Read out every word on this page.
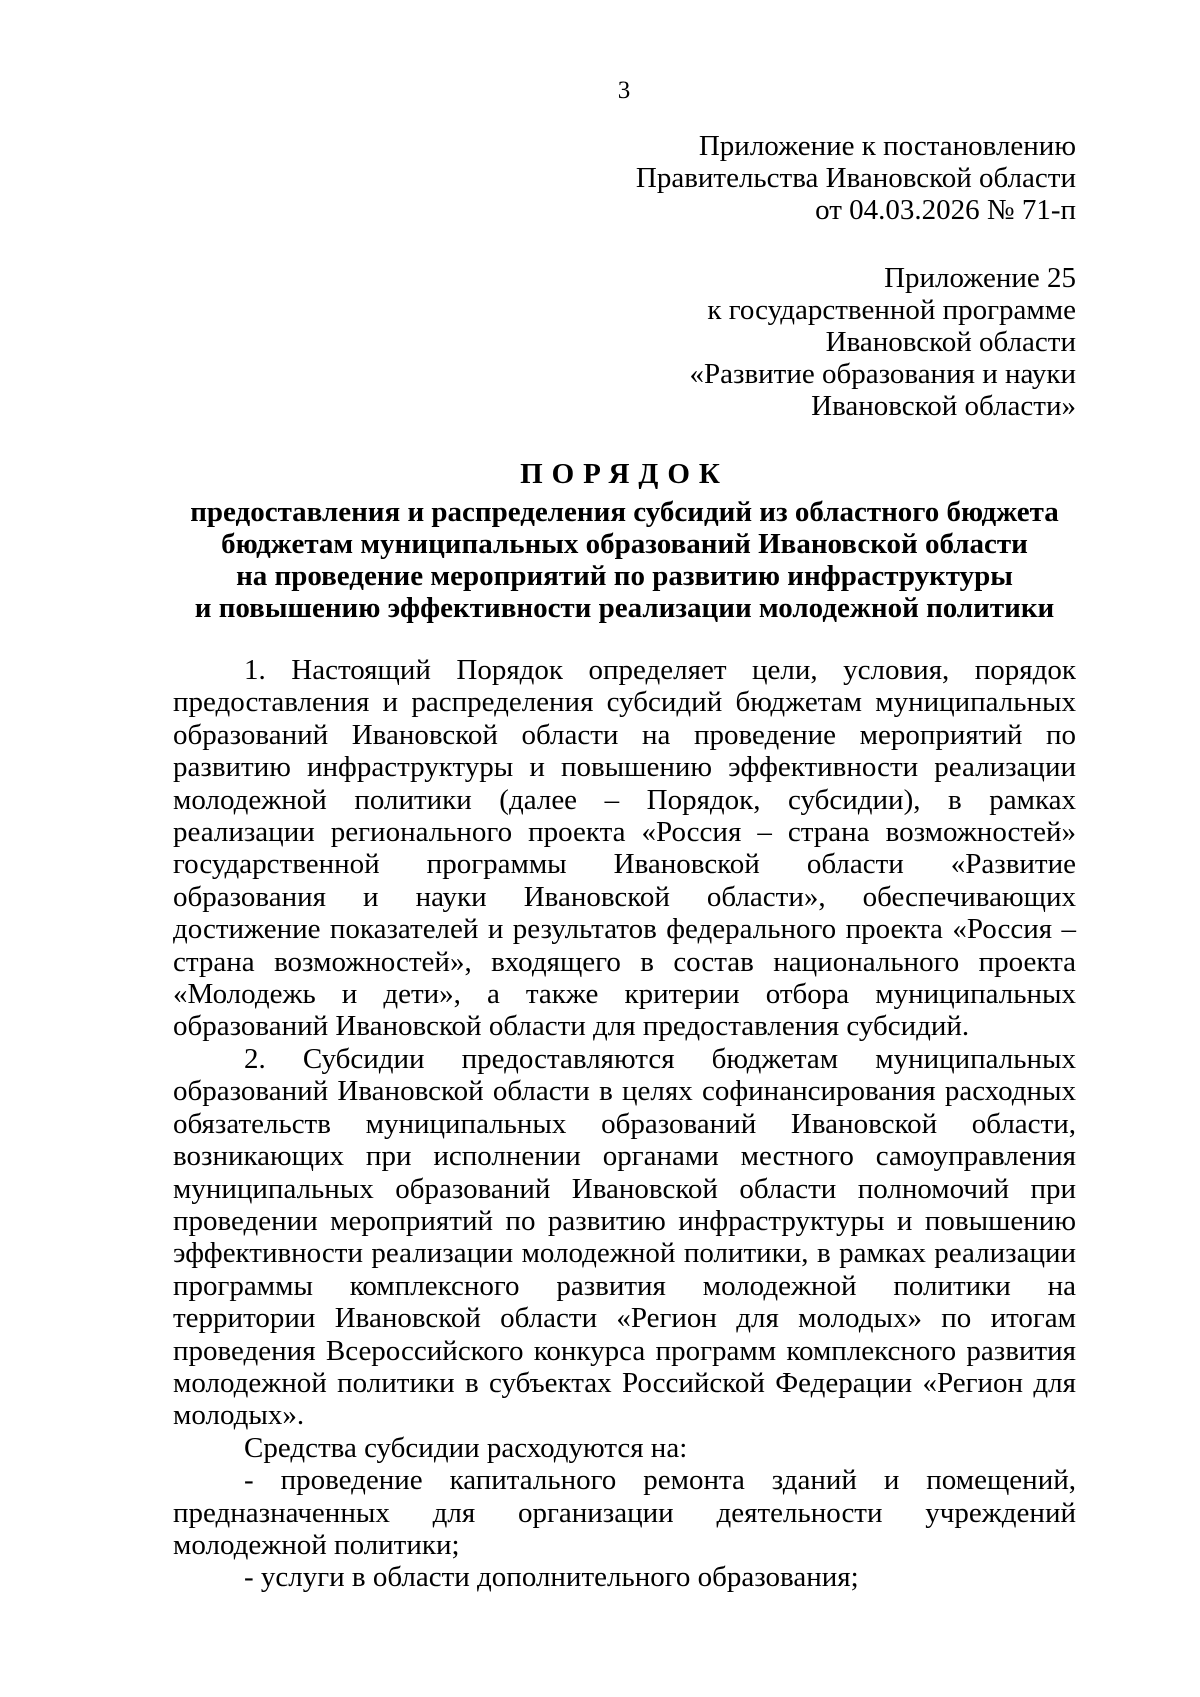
3
Приложение к постановлению
Правительства Ивановской области
от 04.03.2026 № 71-п
Приложение 25
к государственной программе
Ивановской области
«Развитие образования и науки
Ивановской области»
ПОРЯДОК
предоставления и распределения субсидий из областного бюджета
бюджетам муниципальных образований Ивановской области
на проведение мероприятий по развитию инфраструктуры
и повышению эффективности реализации молодежной политики

1. Настоящий Порядок определяет цели, условия, порядок предоставления и распределения субсидий бюджетам муниципальных образований Ивановской области на проведение мероприятий по развитию инфраструктуры и повышению эффективности реализации молодежной политики (далее – Порядок, субсидии), в рамках реализации регионального проекта «Россия – страна возможностей» государственной программы Ивановской области «Развитие образования и науки Ивановской области», обеспечивающих достижение показателей и результатов федерального проекта «Россия – страна возможностей», входящего в состав национального проекта «Молодежь и дети», а также критерии отбора муниципальных образований Ивановской области для предоставления субсидий.

2. Субсидии предоставляются бюджетам муниципальных образований Ивановской области в целях софинансирования расходных обязательств муниципальных образований Ивановской области, возникающих при исполнении органами местного самоуправления муниципальных образований Ивановской области полномочий при проведении мероприятий по развитию инфраструктуры и повышению эффективности реализации молодежной политики, в рамках реализации программы комплексного развития молодежной политики на территории Ивановской области «Регион для молодых» по итогам проведения Всероссийского конкурса программ комплексного развития молодежной политики в субъектах Российской Федерации «Регион для молодых».

Средства субсидии расходуются на:

- проведение капитального ремонта зданий и помещений, предназначенных для организации деятельности учреждений молодежной политики;

- услуги в области дополнительного образования;
